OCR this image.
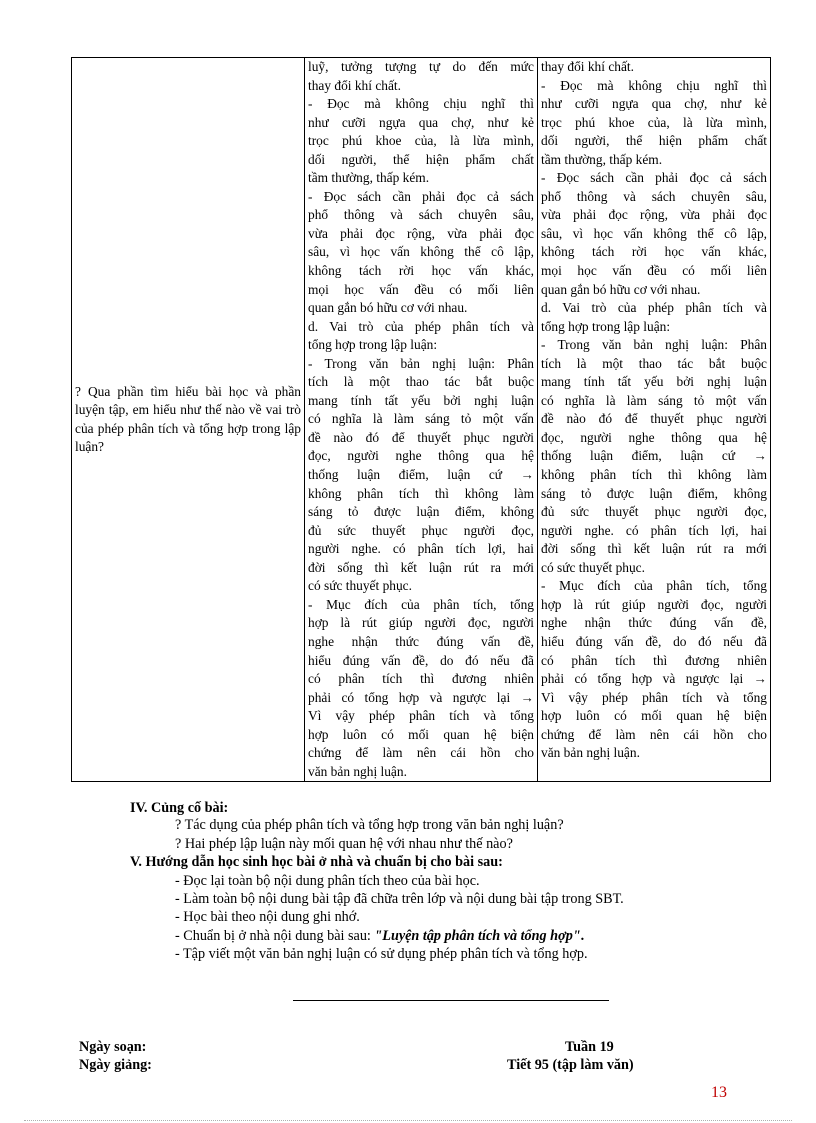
? Qua phần tìm hiểu bài học và phần luyện tập, em hiểu như thế nào về vai trò của phép phân tích và tổng hợp trong lập luận?

luỹ, tưởng tượng tự do đến mức
thay đổi khí chất.
- Đọc mà không chịu nghĩ thì
như cưỡi ngựa qua chợ, như kẻ
trọc phú khoe của, là lừa mình,
dối người, thể hiện phẩm chất
tầm thường, thấp kém.
- Đọc sách cần phải đọc cả sách
phổ thông và sách chuyên sâu,
vừa phải đọc rộng, vừa phải đọc
sâu, vì học vấn không thể cô lập,
không tách rời học vấn khác,
mọi học vấn đều có mối liên
quan gắn bó hữu cơ với nhau.
d. Vai trò của phép phân tích và
tổng hợp trong lập luận:
- Trong văn bản nghị luận: Phân
tích là một thao tác bắt buộc
mang tính tất yếu bởi nghị luận
có nghĩa là làm sáng tỏ một vấn
đề nào đó để thuyết phục người
đọc, người nghe thông qua hệ
thống luận điểm, luận cứ →
không phân tích thì không làm
sáng tỏ được luận điểm, không
đủ sức thuyết phục người đọc,
người nghe. có phân tích lợi, hai
đời sống thì kết luận rút ra mới
có sức thuyết phục.
- Mục đích của phân tích, tổng
hợp là rút giúp người đọc, người
nghe nhận thức đúng vấn đề,
hiểu đúng vấn đề, do đó nếu đã
có phân tích thì đương nhiên
phải có tổng hợp và ngược lại →
Vì vậy phép phân tích và tổng
hợp luôn có mối quan hệ biện
chứng để làm nên cái hồn cho
văn bản nghị luận.

thay đổi khí chất.
- Đọc mà không chịu nghĩ thì
như cưỡi ngựa qua chợ, như kẻ
trọc phú khoe của, là lừa mình,
dối người, thể hiện phẩm chất
tầm thường, thấp kém.
- Đọc sách cần phải đọc cả sách
phổ thông và sách chuyên sâu,
vừa phải đọc rộng, vừa phải đọc
sâu, vì học vấn không thể cô lập,
không tách rời học vấn khác,
mọi học vấn đều có mối liên
quan gắn bó hữu cơ với nhau.
d. Vai trò của phép phân tích và
tổng hợp trong lập luận:
- Trong văn bản nghị luận: Phân
tích là một thao tác bắt buộc
mang tính tất yếu bởi nghị luận
có nghĩa là làm sáng tỏ một vấn
đề nào đó để thuyết phục người
đọc, người nghe thông qua hệ
thống luận điểm, luận cứ →
không phân tích thì không làm
sáng tỏ được luận điểm, không
đủ sức thuyết phục người đọc,
người nghe. có phân tích lợi, hai
đời sống thì kết luận rút ra mới
có sức thuyết phục.
- Mục đích của phân tích, tổng
hợp là rút giúp người đọc, người
nghe nhận thức đúng vấn đề,
hiểu đúng vấn đề, do đó nếu đã
có phân tích thì đương nhiên
phải có tổng hợp và ngược lại →
Vì vậy phép phân tích và tổng
hợp luôn có mối quan hệ biện
chứng để làm nên cái hồn cho
văn bản nghị luận.
IV. Củng cố bài:
? Tác dụng của phép phân tích và tổng hợp trong văn bản nghị luận?
? Hai phép lập luận này mối quan hệ với nhau như thế nào?
V. Hướng dẫn học sinh học bài ở nhà và chuẩn bị cho bài sau:
- Đọc lại toàn bộ nội dung phân tích theo của bài học.
- Làm toàn bộ nội dung bài tập đã chữa trên lớp và nội dung bài tập trong SBT.
- Học bài theo nội dung ghi nhớ.
- Chuẩn bị ở nhà nội dung bài sau: "Luyện tập phân tích và tổng hợp".
- Tập viết một văn bản nghị luận có sử dụng phép phân tích và tổng hợp.
Ngày soạn:
Ngày giảng:
Tuần 19
Tiết 95 (tập làm văn)
13
